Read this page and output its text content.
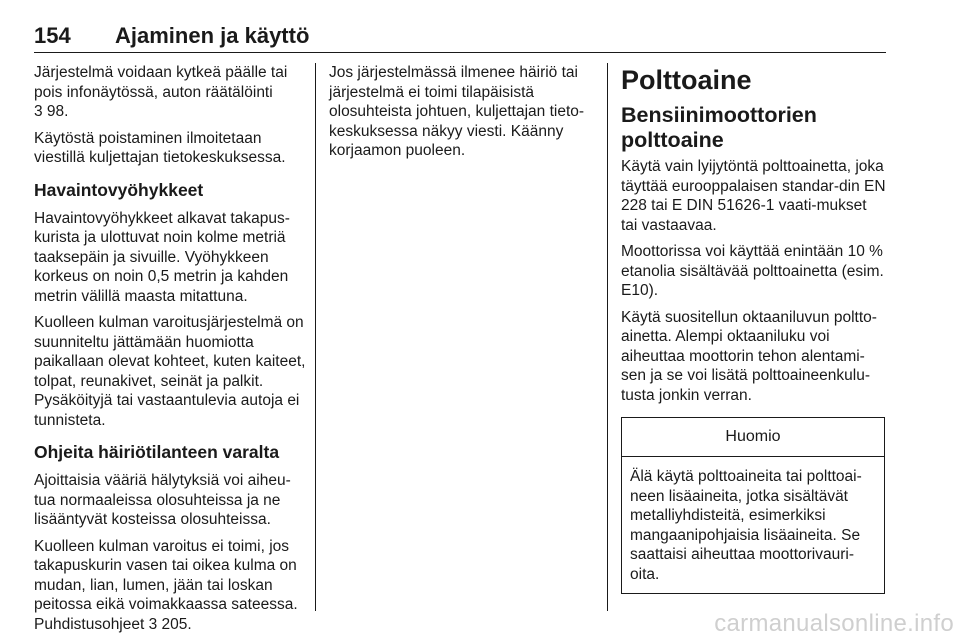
154 Ajaminen ja käyttö

Järjestelmä voidaan kytkeä päälle tai pois infonäytössä, auton räätälöinti
3 98.

Käytöstä poistaminen ilmoitetaan viestillä kuljettajan tietokeskuksessa.

Havaintovyöhykkeet

Havaintovyöhykkeet alkavat takapus-kurista ja ulottuvat noin kolme metriä taaksepäin ja sivuille. Vyöhykkeen korkeus on noin 0,5 metrin ja kahden metrin välillä maasta mitattuna.

Kuolleen kulman varoitusjärjestelmä on suunniteltu jättämään huomiotta paikallaan olevat kohteet, kuten kaiteet, tolpat, reunakivet, seinät ja palkit. Pysäköityjä tai vastaantulevia autoja ei tunnisteta.

Ohjeita häiriötilanteen varalta

Ajoittaisia vääriä hälytyksiä voi aiheu-tua normaaleissa olosuhteissa ja ne lisääntyvät kosteissa olosuhteissa.

Kuolleen kulman varoitus ei toimi, jos takapuskurin vasen tai oikea kulma on mudan, lian, lumen, jään tai loskan peitossa eikä voimakkaassa sateessa. Puhdistusohjeet 3 205.

Jos järjestelmässä ilmenee häiriö tai järjestelmä ei toimi tilapäisistä olosuhteista johtuen, kuljettajan tieto-keskuksessa näkyy viesti. Käänny korjaamon puoleen.

Polttoaine
Bensiinimoottorien polttoaine

Käytä vain lyijytöntä polttoainetta, joka täyttää eurooppalaisen standar-din EN 228 tai E DIN 51626-1 vaati-mukset tai vastaavaa.

Moottorissa voi käyttää enintään 10 % etanolia sisältävää polttoainetta (esim. E10).

Käytä suositellun oktaaniluvun poltto-ainetta. Alempi oktaaniluku voi aiheuttaa moottorin tehon alentami-sen ja se voi lisätä polttoaineenkulu-tusta jonkin verran.

Huomio
Älä käytä polttoaineita tai polttoai-neen lisäaineita, jotka sisältävät metalliyhdisteitä, esimerkiksi mangaanipohjaisia lisäaineita. Se saattaisi aiheuttaa moottorivauri-oita.
carmanualsonline.info
